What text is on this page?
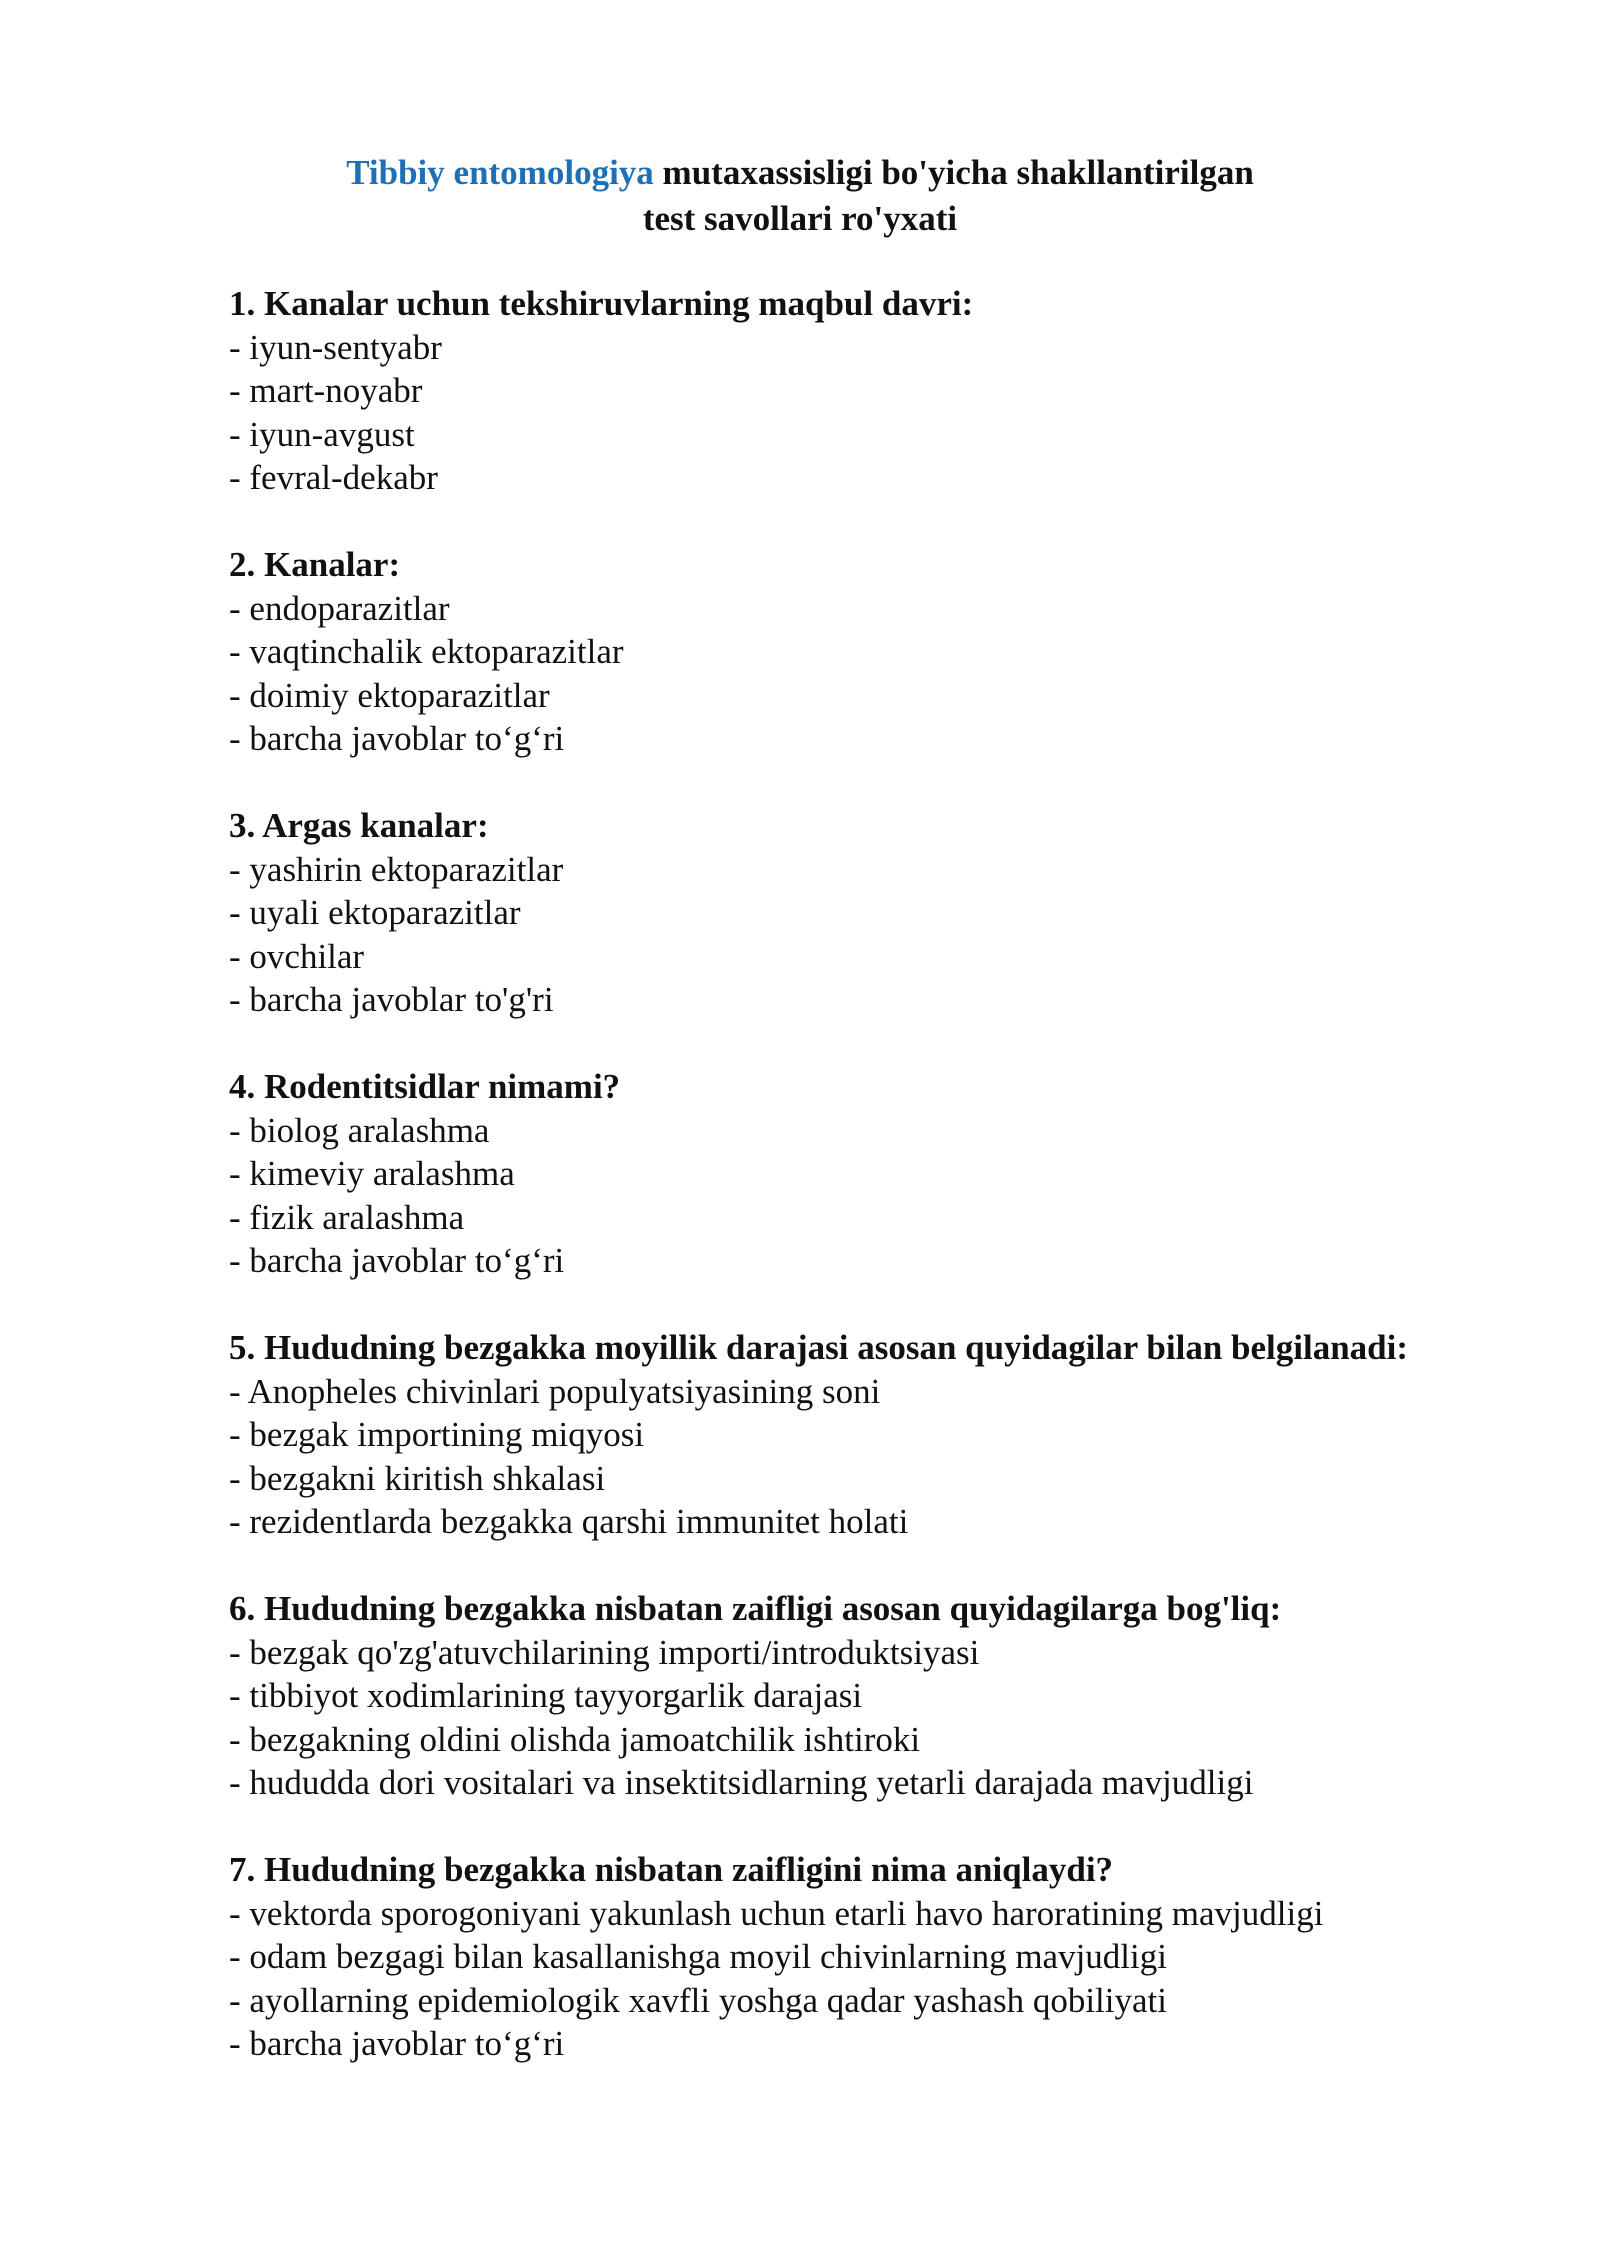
Tibbiy entomologiya mutaxassisligi bo'yicha shakllantirilgan
test savollari ro'yxati
1. Kanalar uchun tekshiruvlarning maqbul davri:
- iyun-sentyabr
- mart-noyabr
- iyun-avgust
- fevral-dekabr
2. Kanalar:
- endoparazitlar
- vaqtinchalik ektoparazitlar
- doimiy ektoparazitlar
- barcha javoblar to‘g‘ri
3. Argas kanalar:
- yashirin ektoparazitlar
- uyali ektoparazitlar
- ovchilar
- barcha javoblar to'g'ri
4. Rodentitsidlar nimami?
- biolog aralashma
- kimeviy aralashma
- fizik aralashma
- barcha javoblar to‘g‘ri
5. Hududning bezgakka moyillik darajasi asosan quyidagilar bilan belgilanadi:
- Anopheles chivinlari populyatsiyasining soni
- bezgak importining miqyosi
- bezgakni kiritish shkalasi
- rezidentlarda bezgakka qarshi immunitet holati
6. Hududning bezgakka nisbatan zaifligi asosan quyidagilarga bog'liq:
- bezgak qo'zg'atuvchilarining importi/introduktsiyasi
- tibbiyot xodimlarining tayyorgarlik darajasi
- bezgakning oldini olishda jamoatchilik ishtiroki
- hududda dori vositalari va insektitsidlarning yetarli darajada mavjudligi
7. Hududning bezgakka nisbatan zaifligini nima aniqlaydi?
- vektorda sporogoniyani yakunlash uchun etarli havo haroratining mavjudligi
- odam bezgagi bilan kasallanishga moyil chivinlarning mavjudligi
- ayollarning epidemiologik xavfli yoshga qadar yashash qobiliyati
- barcha javoblar to‘g‘ri
